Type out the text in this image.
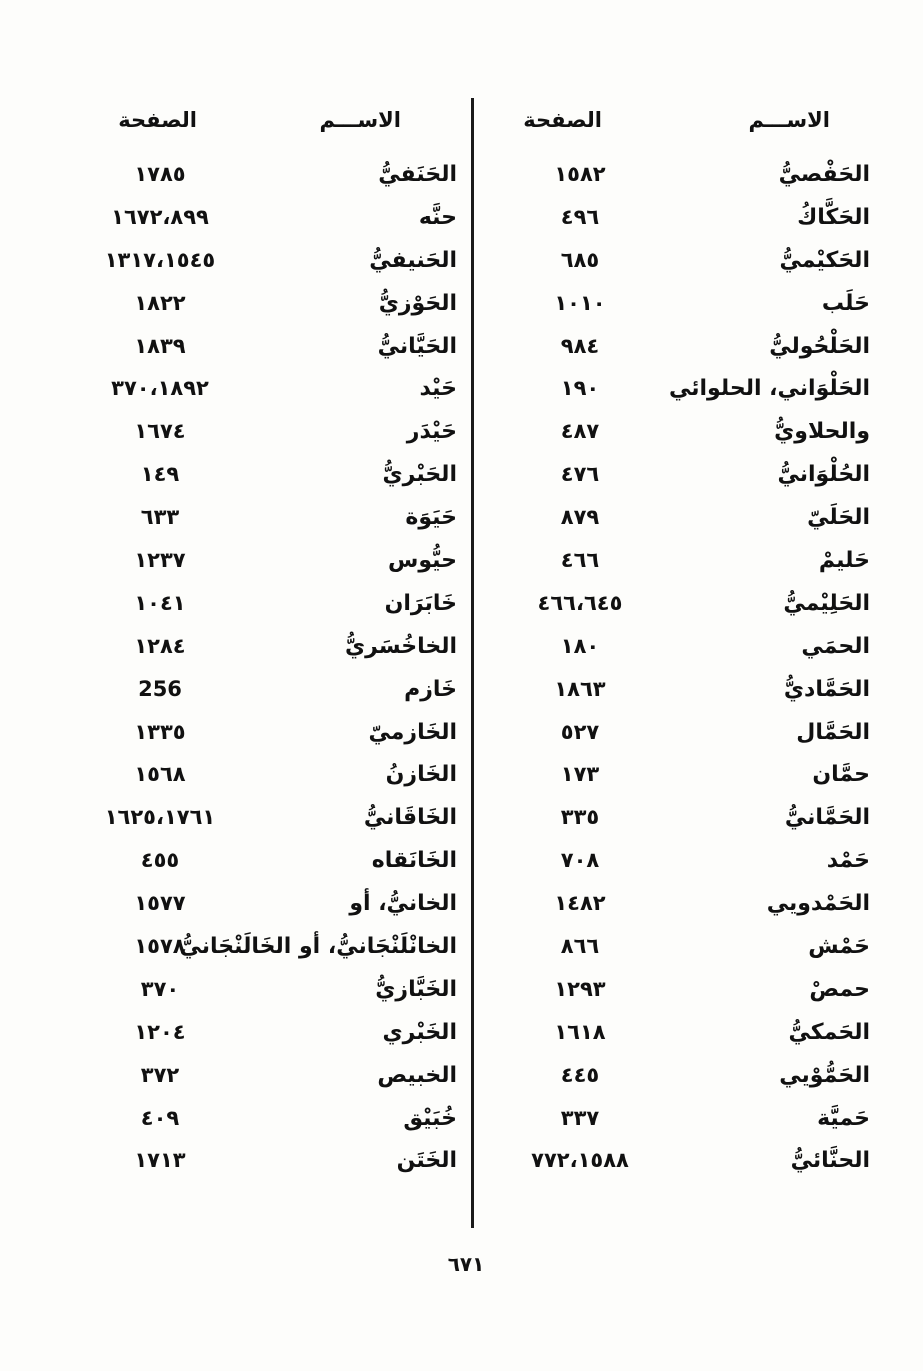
الاســـم
الصفحة
الحَفْصيُّ
١٥٨٢
الحَكَّاكُ
٤٩٦
الحَكيْميُّ
٦٨٥
حَلَب
١٠١٠
الحَلْحُوليُّ
٩٨٤
الحَلْوَاني، الحلوائي
١٩٠
والحلاويُّ
٤٨٧
الحُلْوَانيُّ
٤٧٦
الحَلَيّ
٨٧٩
حَليمْ
٤٦٦
الحَلِيْميُّ
٤٦٦،٦٤٥
الحمَي
١٨٠
الحَمَّاديُّ
١٨٦٣
الحَمَّال
٥٢٧
حمَّان
١٧٣
الحَمَّانيُّ
٣٣٥
حَمْد
٧٠٨
الحَمْدويي
١٤٨٢
حَمْش
٨٦٦
حمصْ
١٢٩٣
الحَمكيُّ
١٦١٨
الحَمُّوْيي
٤٤٥
حَميَّة
٣٣٧
الحنَّائيُّ
٧٧٢،١٥٨٨
الاســـم
الصفحة
الحَنَفيُّ
١٧٨٥
حنَّه
١٦٧٢،٨٩٩
الحَنيفيُّ
١٣١٧،١٥٤٥
الحَوْزيُّ
١٨٢٢
الحَيَّانيُّ
١٨٣٩
حَيْد
٣٧٠،١٨٩٢
حَيْدَر
١٦٧٤
الحَبْريُّ
١٤٩
حَيَوَة
٦٣٣
حيُّوس
١٢٣٧
خَابَرَان
١٠٤١
الخاخُسَريُّ
١٢٨٤
خَازم
256
الخَازميّ
١٣٣٥
الخَازنُ
١٥٦٨
الخَاقَانيُّ
١٦٢٥،١٧٦١
الخَانَقاه
٤٥٥
الخانيُّ، أو
١٥٧٧
الخانْلَنْجَانيُّ، أو الخَالَنْجَانيُّ
١٥٧٨
الخَبَّازيُّ
٣٧٠
الخَبْري
١٢٠٤
الخبيص
٣٧٢
خُبَيْق
٤٠٩
الخَتَن
١٧١٣
٦٧١
